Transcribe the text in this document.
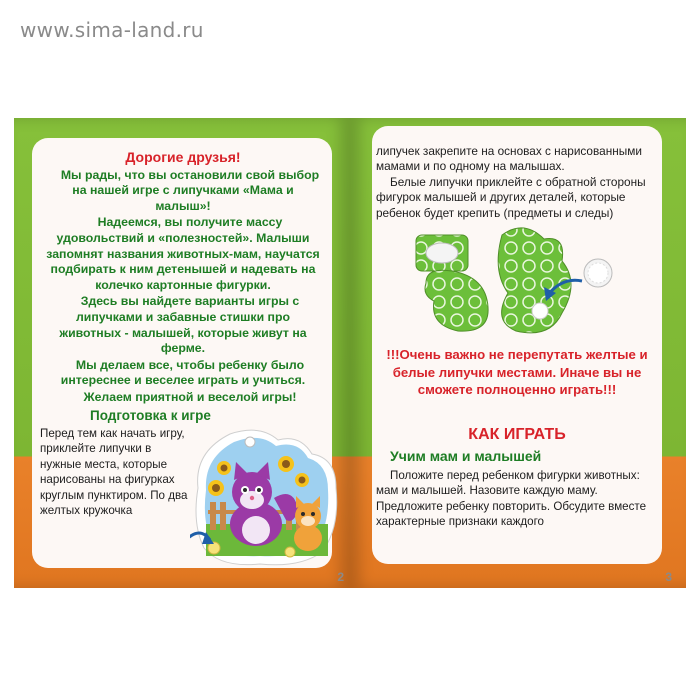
www.sima-land.ru
Дорогие друзья!

Мы рады, что вы остановили свой выбор на нашей игре с липучками «Мама и малыш»!

Надеемся, вы получите массу удовольствий и «полезностей». Малыши запомнят названия животных-мам, научатся подбирать к ним детенышей и надевать на колечко картонные фигурки.

Здесь вы найдете варианты игры с липучками и забавные стишки про животных - малышей, которые живут на ферме.

Мы делаем все, чтобы ребенку было интереснее и веселее играть и учиться.

Желаем приятной и веселой игры!

Подготовка к игре
Перед тем как начать игру, приклейте липучки в нужные места, которые нарисованы на фигурках круглым пунктиром. По два желтых кружочка
2

липучек закрепите на основах с нарисованными мамами и по одному на малышах.

Белые липучки приклейте с обратной стороны фигурок малышей и других деталей, которые ребенок будет крепить (предметы и следы)

!!!Очень важно не перепутать желтые и белые липучки местами. Иначе вы не сможете полноценно играть!!!
КАК ИГРАТЬ
Учим мам и малышей
Положите перед ребенком фигурки животных: мам и малышей. Назовите каждую маму. Предложите ребенку повторить. Обсудите вместе характерные признаки каждого
3
